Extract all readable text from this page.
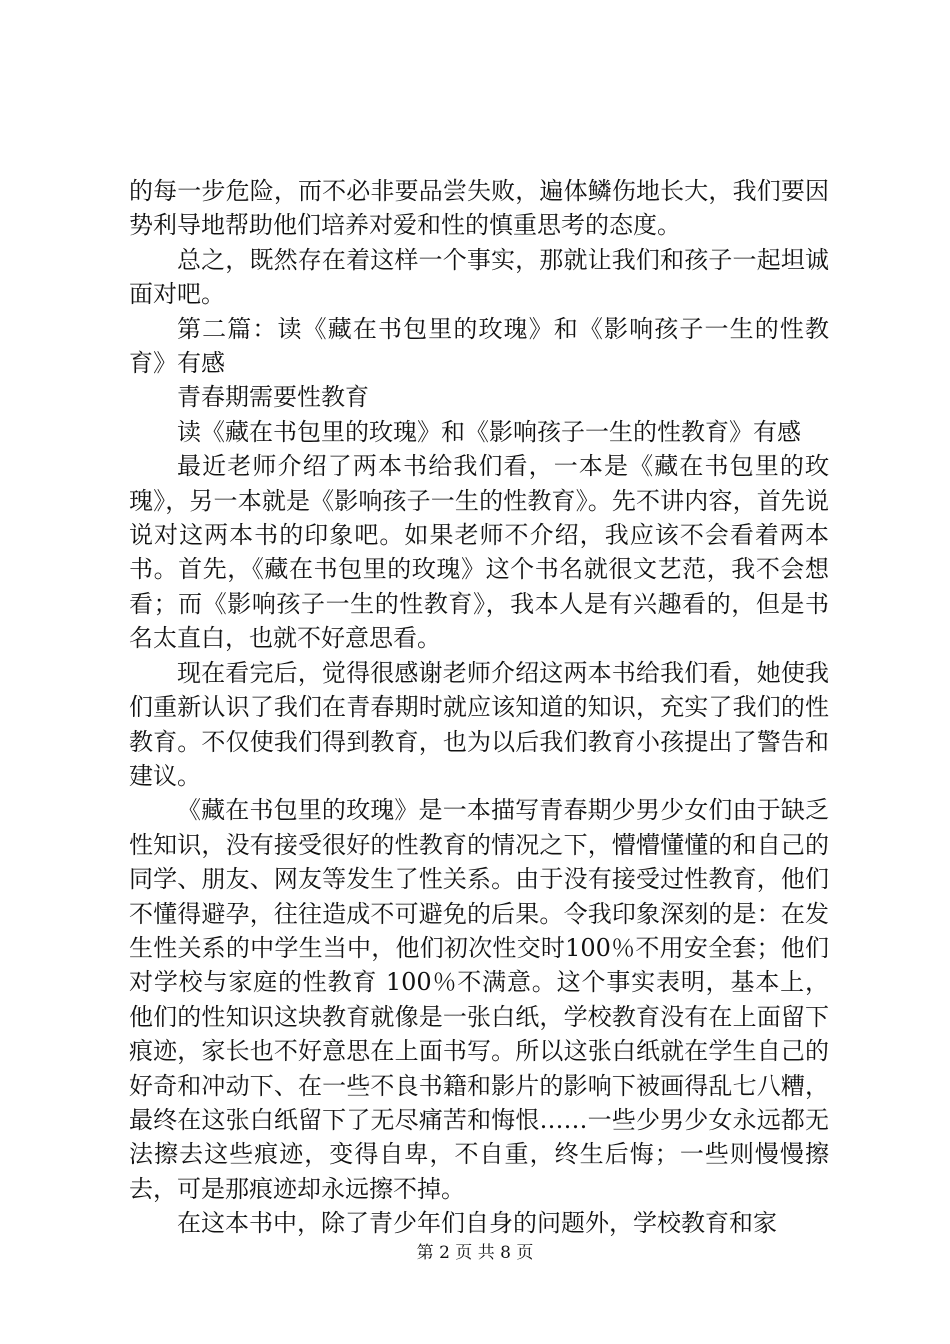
的每一步危险，而不必非要品尝失败，遍体鳞伤地长大，我们要因势利导地帮助他们培养对爱和性的慎重思考的态度。

总之，既然存在着这样一个事实，那就让我们和孩子一起坦诚面对吧。

第二篇：读《藏在书包里的玫瑰》和《影响孩子一生的性教育》有感

青春期需要性教育

读《藏在书包里的玫瑰》和《影响孩子一生的性教育》有感

最近老师介绍了两本书给我们看，一本是《藏在书包里的玫瑰》，另一本就是《影响孩子一生的性教育》。先不讲内容，首先说说对这两本书的印象吧。如果老师不介绍，我应该不会看着两本书。首先，《藏在书包里的玫瑰》这个书名就很文艺范，我不会想看；而《影响孩子一生的性教育》，我本人是有兴趣看的，但是书名太直白，也就不好意思看。

现在看完后，觉得很感谢老师介绍这两本书给我们看，她使我们重新认识了我们在青春期时就应该知道的知识，充实了我们的性教育。不仅使我们得到教育，也为以后我们教育小孩提出了警告和建议。

《藏在书包里的玫瑰》是一本描写青春期少男少女们由于缺乏性知识，没有接受很好的性教育的情况之下，懵懵懂懂的和自己的同学、朋友、网友等发生了性关系。由于没有接受过性教育，他们不懂得避孕，往往造成不可避免的后果。令我印象深刻的是：在发生性关系的中学生当中，他们初次性交时100％不用安全套；他们对学校与家庭的性教育 100％不满意。这个事实表明，基本上，他们的性知识这块教育就像是一张白纸，学校教育没有在上面留下痕迹，家长也不好意思在上面书写。所以这张白纸就在学生自己的好奇和冲动下、在一些不良书籍和影片的影响下被画得乱七八糟，最终在这张白纸留下了无尽痛苦和悔恨……一些少男少女永远都无法擦去这些痕迹，变得自卑，不自重，终生后悔；一些则慢慢擦去，可是那痕迹却永远擦不掉。

在这本书中，除了青少年们自身的问题外，学校教育和家

第 2 页 共 8 页
